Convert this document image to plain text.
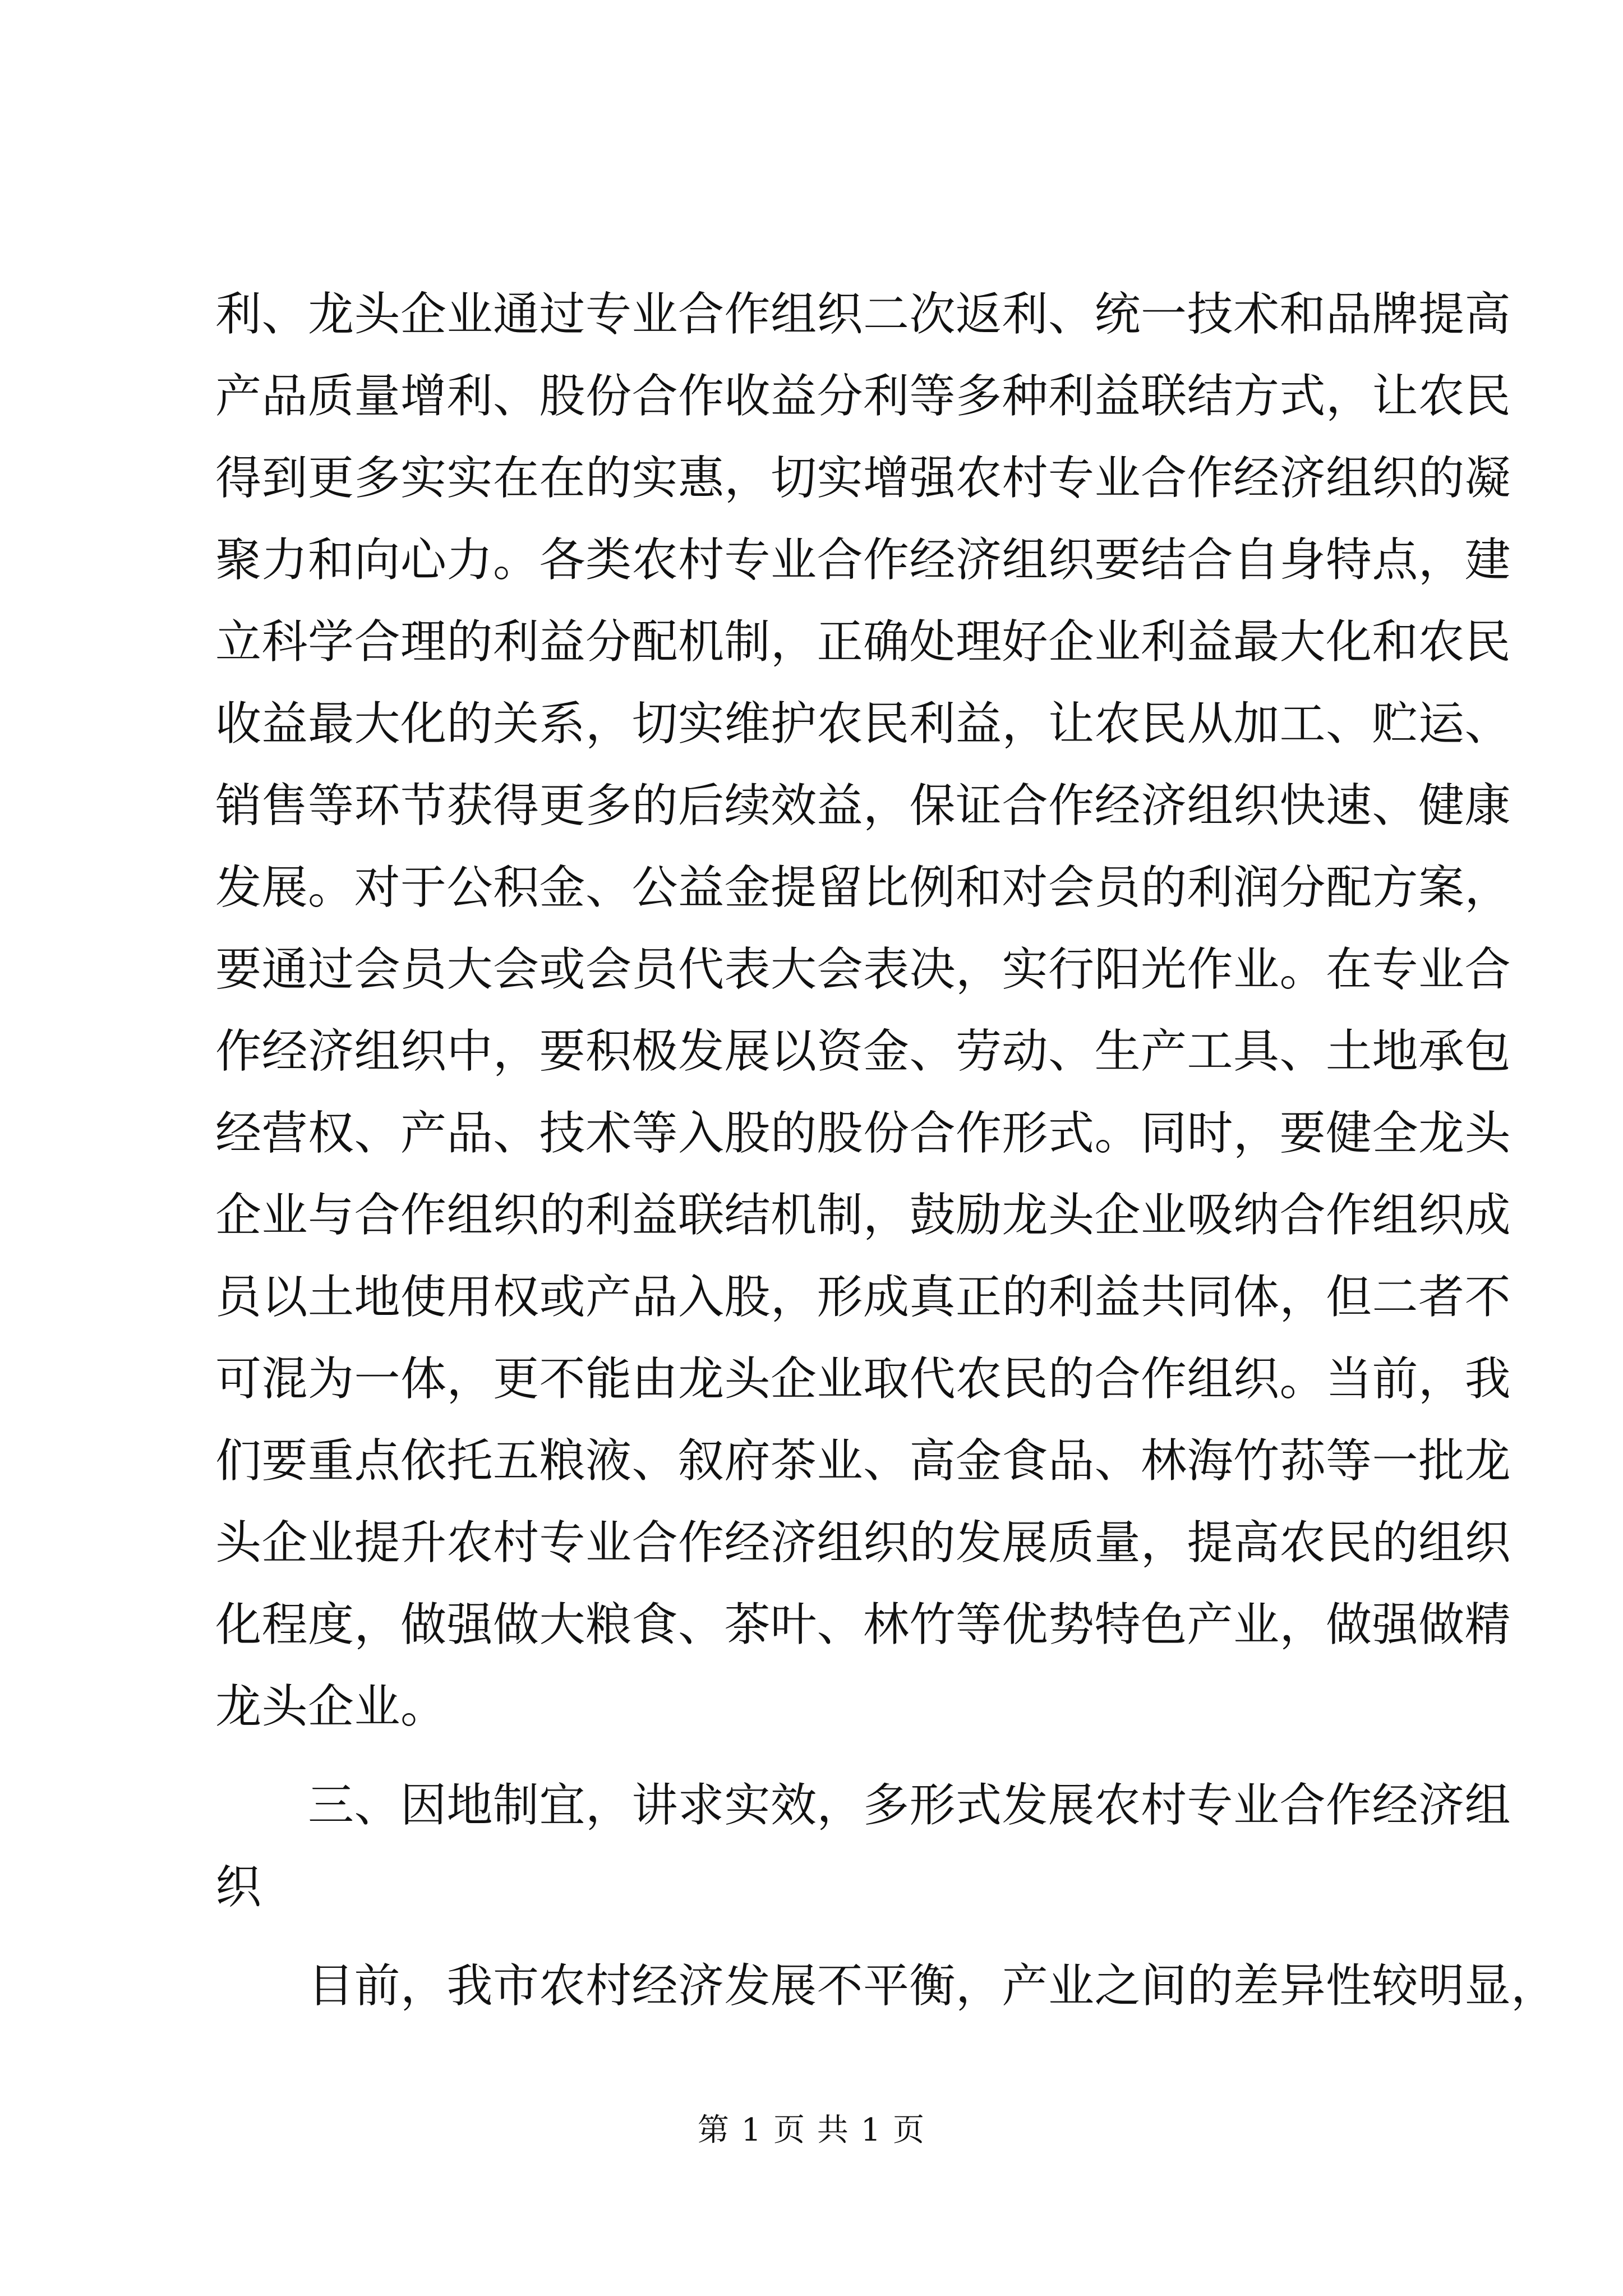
利、龙头企业通过专业合作组织二次返利、统一技术和品牌提高
产品质量增利、股份合作收益分利等多种利益联结方式，让农民
得到更多实实在在的实惠，切实增强农村专业合作经济组织的凝
聚力和向心力。各类农村专业合作经济组织要结合自身特点，建
立科学合理的利益分配机制，正确处理好企业利益最大化和农民
收益最大化的关系，切实维护农民利益，让农民从加工、贮运、
销售等环节获得更多的后续效益，保证合作经济组织快速、健康
发展。对于公积金、公益金提留比例和对会员的利润分配方案，
要通过会员大会或会员代表大会表决，实行阳光作业。在专业合
作经济组织中，要积极发展以资金、劳动、生产工具、土地承包
经营权、产品、技术等入股的股份合作形式。同时，要健全龙头
企业与合作组织的利益联结机制，鼓励龙头企业吸纳合作组织成
员以土地使用权或产品入股，形成真正的利益共同体，但二者不
可混为一体，更不能由龙头企业取代农民的合作组织。当前，我
们要重点依托五粮液、叙府茶业、高金食品、林海竹荪等一批龙
头企业提升农村专业合作经济组织的发展质量，提高农民的组织
化程度，做强做大粮食、茶叶、林竹等优势特色产业，做强做精
龙头企业。
　　三、因地制宜，讲求实效，多形式发展农村专业合作经济组
织
　　目前，我市农村经济发展不平衡，产业之间的差异性较明显，
第 1 页 共 1 页
